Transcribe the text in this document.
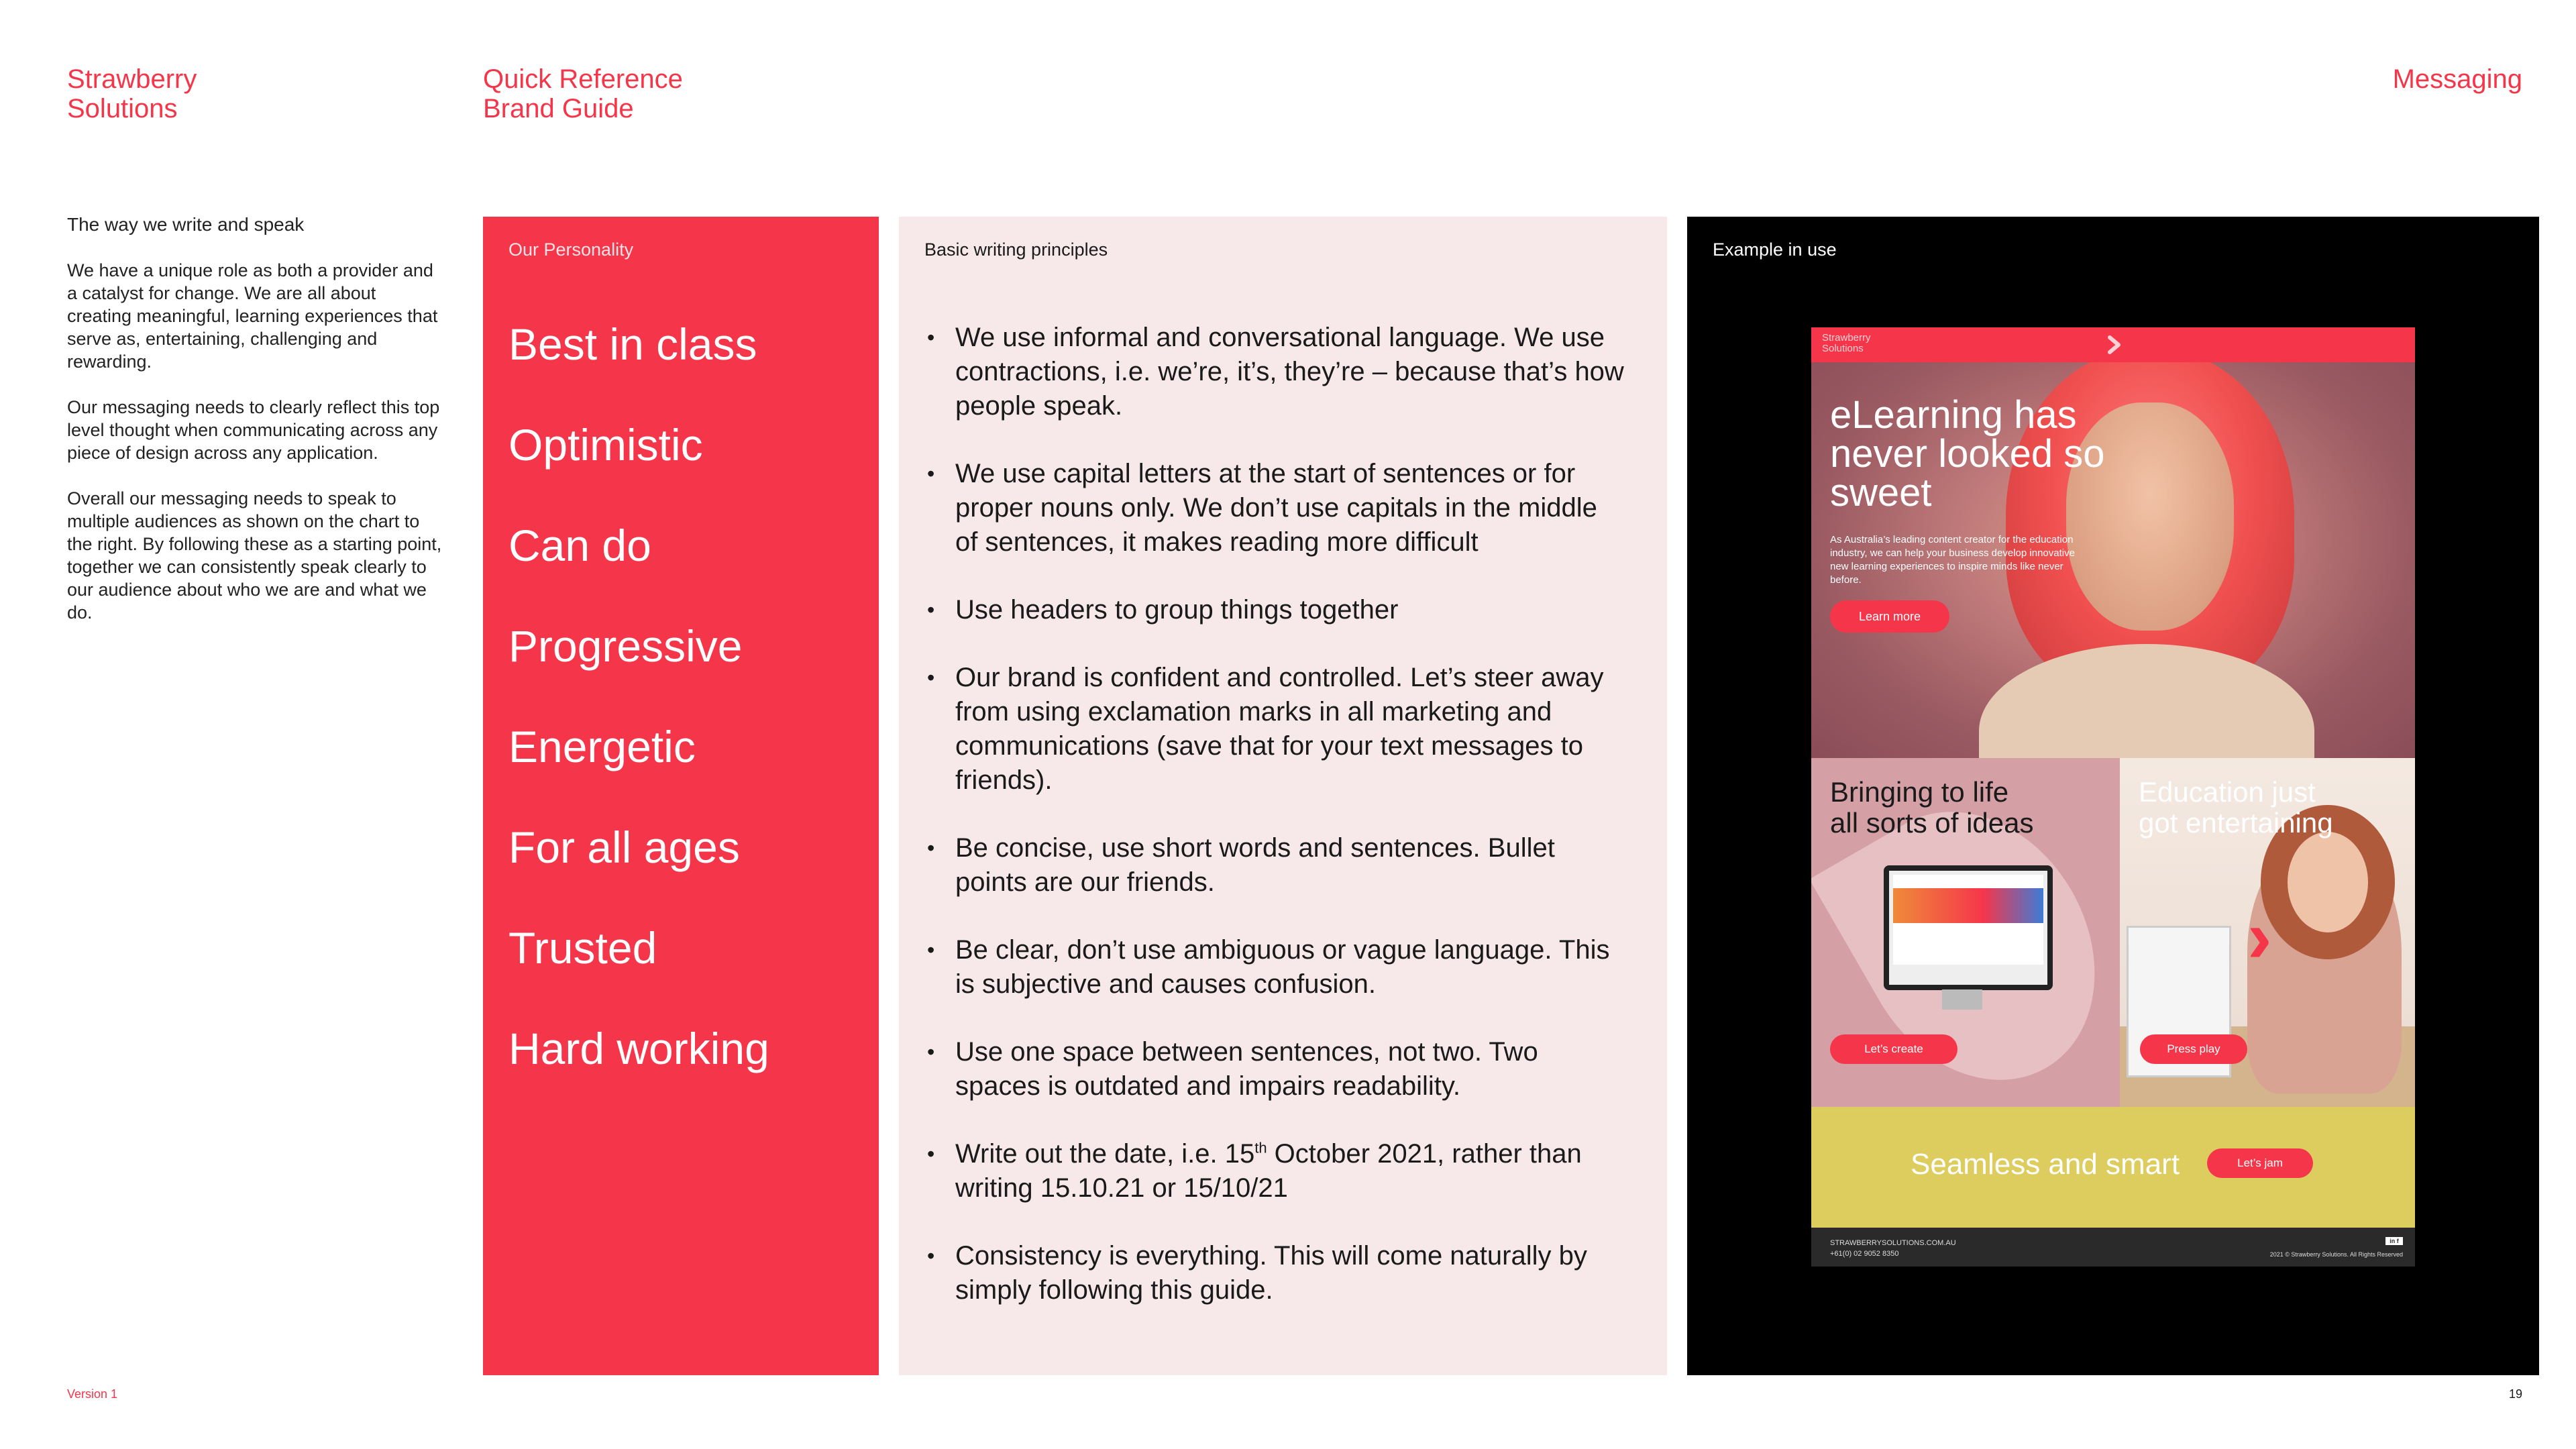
Strawberry
Solutions
Quick Reference
Brand Guide
Messaging
The way we write and speak

We have a unique role as both a provider and a catalyst for change. We are all about creating meaningful, learning experiences that serve as, entertaining, challenging and rewarding.

Our messaging needs to clearly reflect this top level thought when communicating across any piece of design across any application.

Overall our messaging needs to speak to multiple audiences as shown on the chart to the right. By following these as a starting point, together we can consistently speak clearly to our audience about who we are and what we do.

Our Personality
Best in class
Optimistic
Can do
Progressive
Energetic
For all ages
Trusted
Hard working
Basic writing principles
• We use informal and conversational language. We use contractions, i.e. we’re, it’s, they’re – because that’s how people speak.
• We use capital letters at the start of sentences or for proper nouns only. We don’t use capitals in the middle of sentences, it makes reading more difficult
• Use headers to group things together
• Our brand is confident and controlled. Let’s steer away from using exclamation marks in all marketing and communications (save that for your text messages to friends).
• Be concise, use short words and sentences. Bullet points are our friends.
• Be clear, don’t use ambiguous or vague language. This is subjective and causes confusion.
• Use one space between sentences, not two. Two spaces is outdated and impairs readability.
• Write out the date, i.e. 15th October 2021, rather than writing 15.10.21 or 15/10/21
• Consistency is everything. This will come naturally by simply following this guide.
Example in use
Strawberry
Solutions
eLearning has never looked so sweet
As Australia’s leading content creator for the education industry, we can help your business develop innovative new learning experiences to inspire minds like never before.
Learn more
Bringing to life
all sorts of ideas
Let’s create
›
Education just
got entertaining
Press play
Seamless and smart	Let’s jam
STRAWBERRYSOLUTIONS.COM.AU
+61(0) 02 9052 8350
in f
2021 © Strawberry Solutions. All Rights Reserved
Version 1	19
